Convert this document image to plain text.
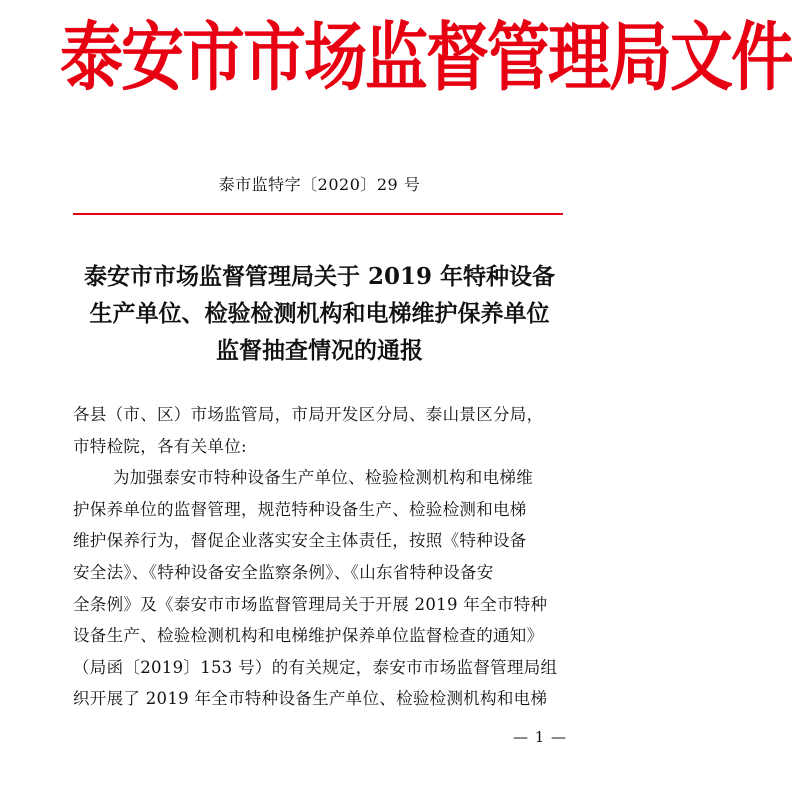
泰安市市场监督管理局文件
泰市监特字〔2020〕29 号
泰安市市场监督管理局关于 2019 年特种设备
生产单位、检验检测机构和电梯维护保养单位
监督抽查情况的通报
各县（市、区）市场监管局，市局开发区分局、泰山景区分局，
市特检院，各有关单位:
为加强泰安市特种设备生产单位、检验检测机构和电梯维
护保养单位的监督管理，规范特种设备生产、检验检测和电梯
维护保养行为，督促企业落实安全主体责任，按照《特种设备
安全法》、《特种设备安全监察条例》、《山东省特种设备安
全条例》及《泰安市市场监督管理局关于开展 2019 年全市特种
设备生产、检验检测机构和电梯维护保养单位监督检查的通知》
（局函〔2019〕153 号）的有关规定，泰安市市场监督管理局组
织开展了 2019 年全市特种设备生产单位、检验检测机构和电梯
— 1 —
